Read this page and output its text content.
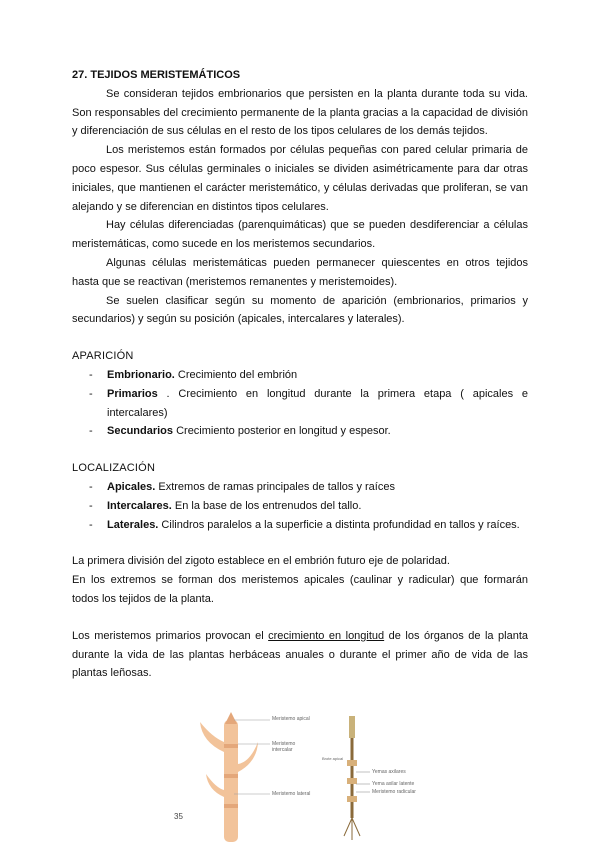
27. TEJIDOS MERISTEMÁTICOS

Se consideran tejidos embrionarios que persisten en la planta durante toda su vida. Son responsables del crecimiento permanente de la planta gracias a la capacidad de división y diferenciación de sus células en el resto de los tipos celulares de los demás tejidos.

Los meristemos están formados por células pequeñas con pared celular primaria de poco espesor. Sus células germinales o iniciales se dividen asimétricamente para dar otras iniciales, que mantienen el carácter meristemático, y células derivadas que proliferan, se van alejando y se diferencian en distintos tipos celulares.

Hay células diferenciadas (parenquimáticas) que se pueden desdiferenciar a células meristemáticas, como sucede en los meristemos secundarios.

Algunas células meristemáticas pueden permanecer quiescentes en otros tejidos hasta que se reactivan (meristemos remanentes y meristemoides).

Se suelen clasificar según su momento de aparición (embrionarios, primarios y secundarios) y según su posición (apicales, intercalares y laterales).

APARICIÓN

- Embrionario. Crecimiento del embrión
- Primarios . Crecimiento en longitud durante la primera etapa ( apicales e intercalares)
- Secundarios Crecimiento posterior en longitud y espesor.

LOCALIZACIÓN

- Apicales. Extremos de ramas principales de tallos y raíces
- Intercalares. En la base de los entrenudos del tallo.
- Laterales. Cilindros paralelos a la superficie a distinta profundidad en tallos y raíces.

La primera división del zigoto establece en el embrión futuro eje de polaridad.

En los extremos se forman dos meristemos apicales (caulinar y radicular) que formarán todos los tejidos de la planta.

Los meristemos primarios provocan el crecimiento en longitud de los órganos de la planta durante la vida de las plantas herbáceas anuales o durante el primer año de vida de las plantas leñosas.

Meristemo apical
Meristemo intercalar
Meristemo lateral
Brote apical
Yemas axilares
Yema axilar latente
Meristemo radicular
35
